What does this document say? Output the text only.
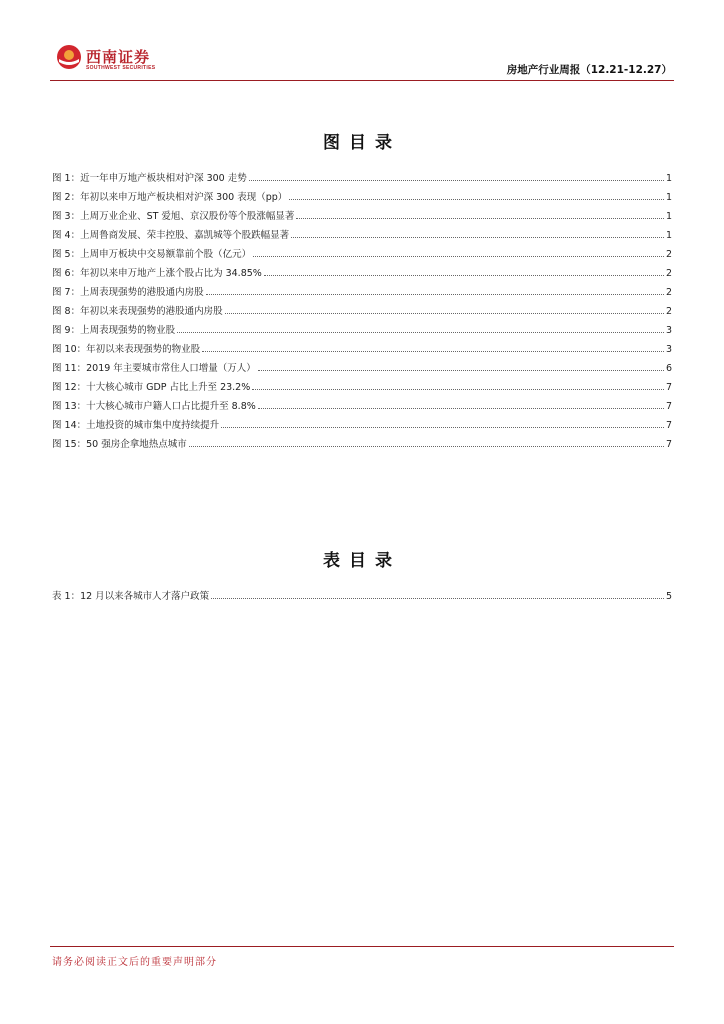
西南证券
SOUTHWEST SECURITIES	房地产行业周报（12.21-12.27）
图目录
图 1：近一年申万地产板块相对沪深 300 走势	1
图 2：年初以来申万地产板块相对沪深 300 表现（pp）	1
图 3：上周万业企业、ST 爱旭、京汉股份等个股涨幅显著	1
图 4：上周鲁商发展、荣丰控股、嘉凯城等个股跌幅显著	1
图 5：上周申万板块中交易额靠前个股（亿元）	2
图 6：年初以来申万地产上涨个股占比为 34.85%	2
图 7：上周表现强势的港股通内房股	2
图 8：年初以来表现强势的港股通内房股	2
图 9：上周表现强势的物业股	3
图 10：年初以来表现强势的物业股	3
图 11：2019 年主要城市常住人口增量（万人）	6
图 12：十大核心城市 GDP 占比上升至 23.2%	7
图 13：十大核心城市户籍人口占比提升至 8.8%	7
图 14：土地投资的城市集中度持续提升	7
图 15：50 强房企拿地热点城市	7
表目录
表 1：12 月以来各城市人才落户政策	5
请务必阅读正文后的重要声明部分
